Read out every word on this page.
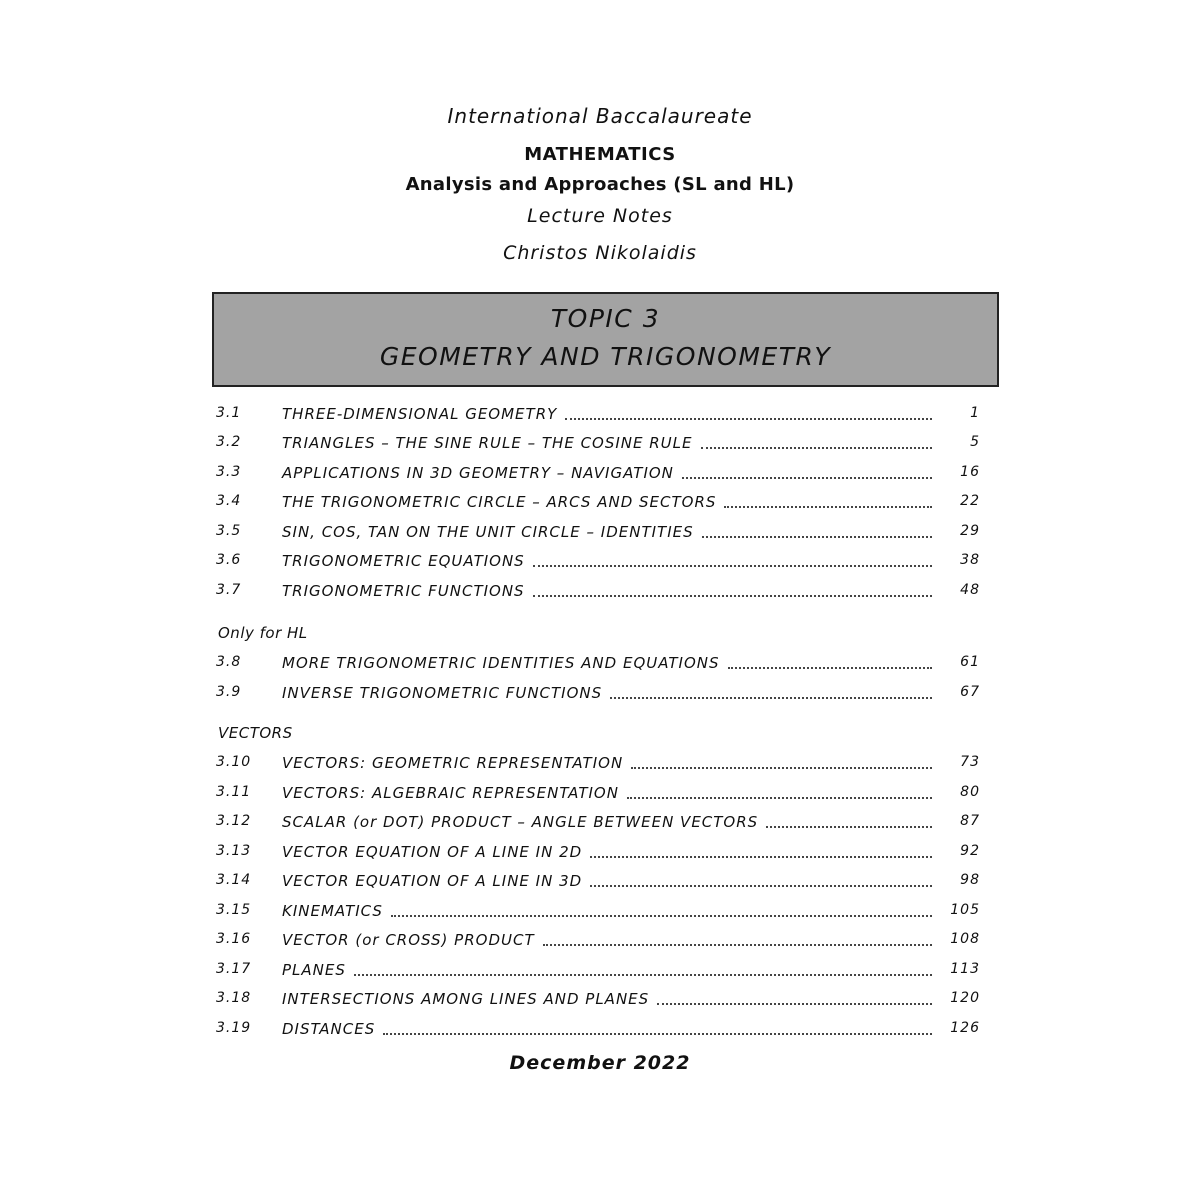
International Baccalaureate
MATHEMATICS
Analysis and Approaches (SL and HL)
Lecture Notes
Christos Nikolaidis
TOPIC 3
GEOMETRY AND TRIGONOMETRY
3.1	THREE-DIMENSIONAL GEOMETRY	1
3.2	TRIANGLES – THE SINE RULE – THE COSINE RULE	5
3.3	APPLICATIONS IN 3D GEOMETRY – NAVIGATION	16
3.4	THE TRIGONOMETRIC CIRCLE – ARCS AND SECTORS	22
3.5	SIN, COS, TAN ON THE UNIT CIRCLE – IDENTITIES	29
3.6	TRIGONOMETRIC EQUATIONS	38
3.7	TRIGONOMETRIC FUNCTIONS	48
Only for HL
3.8	MORE TRIGONOMETRIC IDENTITIES AND EQUATIONS	61
3.9	INVERSE TRIGONOMETRIC FUNCTIONS	67
VECTORS
3.10	VECTORS: GEOMETRIC REPRESENTATION	73
3.11	VECTORS: ALGEBRAIC REPRESENTATION	80
3.12	SCALAR (or DOT) PRODUCT – ANGLE BETWEEN VECTORS	87
3.13	VECTOR EQUATION OF A LINE IN 2D	92
3.14	VECTOR EQUATION OF A LINE IN 3D	98
3.15	KINEMATICS	105
3.16	VECTOR (or CROSS) PRODUCT	108
3.17	PLANES	113
3.18	INTERSECTIONS AMONG LINES AND PLANES	120
3.19	DISTANCES	126
December 2022
